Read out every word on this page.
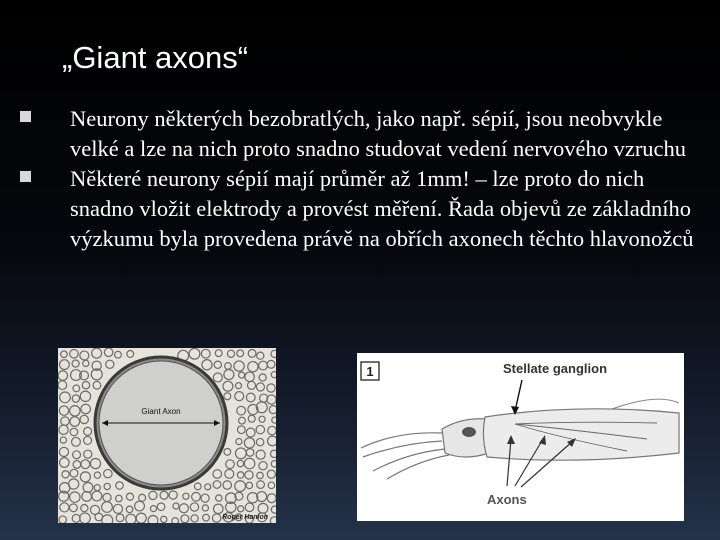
„Giant axons“
Neurony některých bezobratlých, jako např. sépií, jsou neobvykle velké a lze na nich proto snadno studovat vedení nervového vzruchu
Některé neurony sépií mají průměr až 1mm! – lze proto do nich snadno vložit elektrody a provést měření. Řada objevů ze základního výzkumu byla provedena právě na obřích axonech těchto hlavonožců
Giant Axon
Roger Hanlon
1	Stellate ganglion
Axons
